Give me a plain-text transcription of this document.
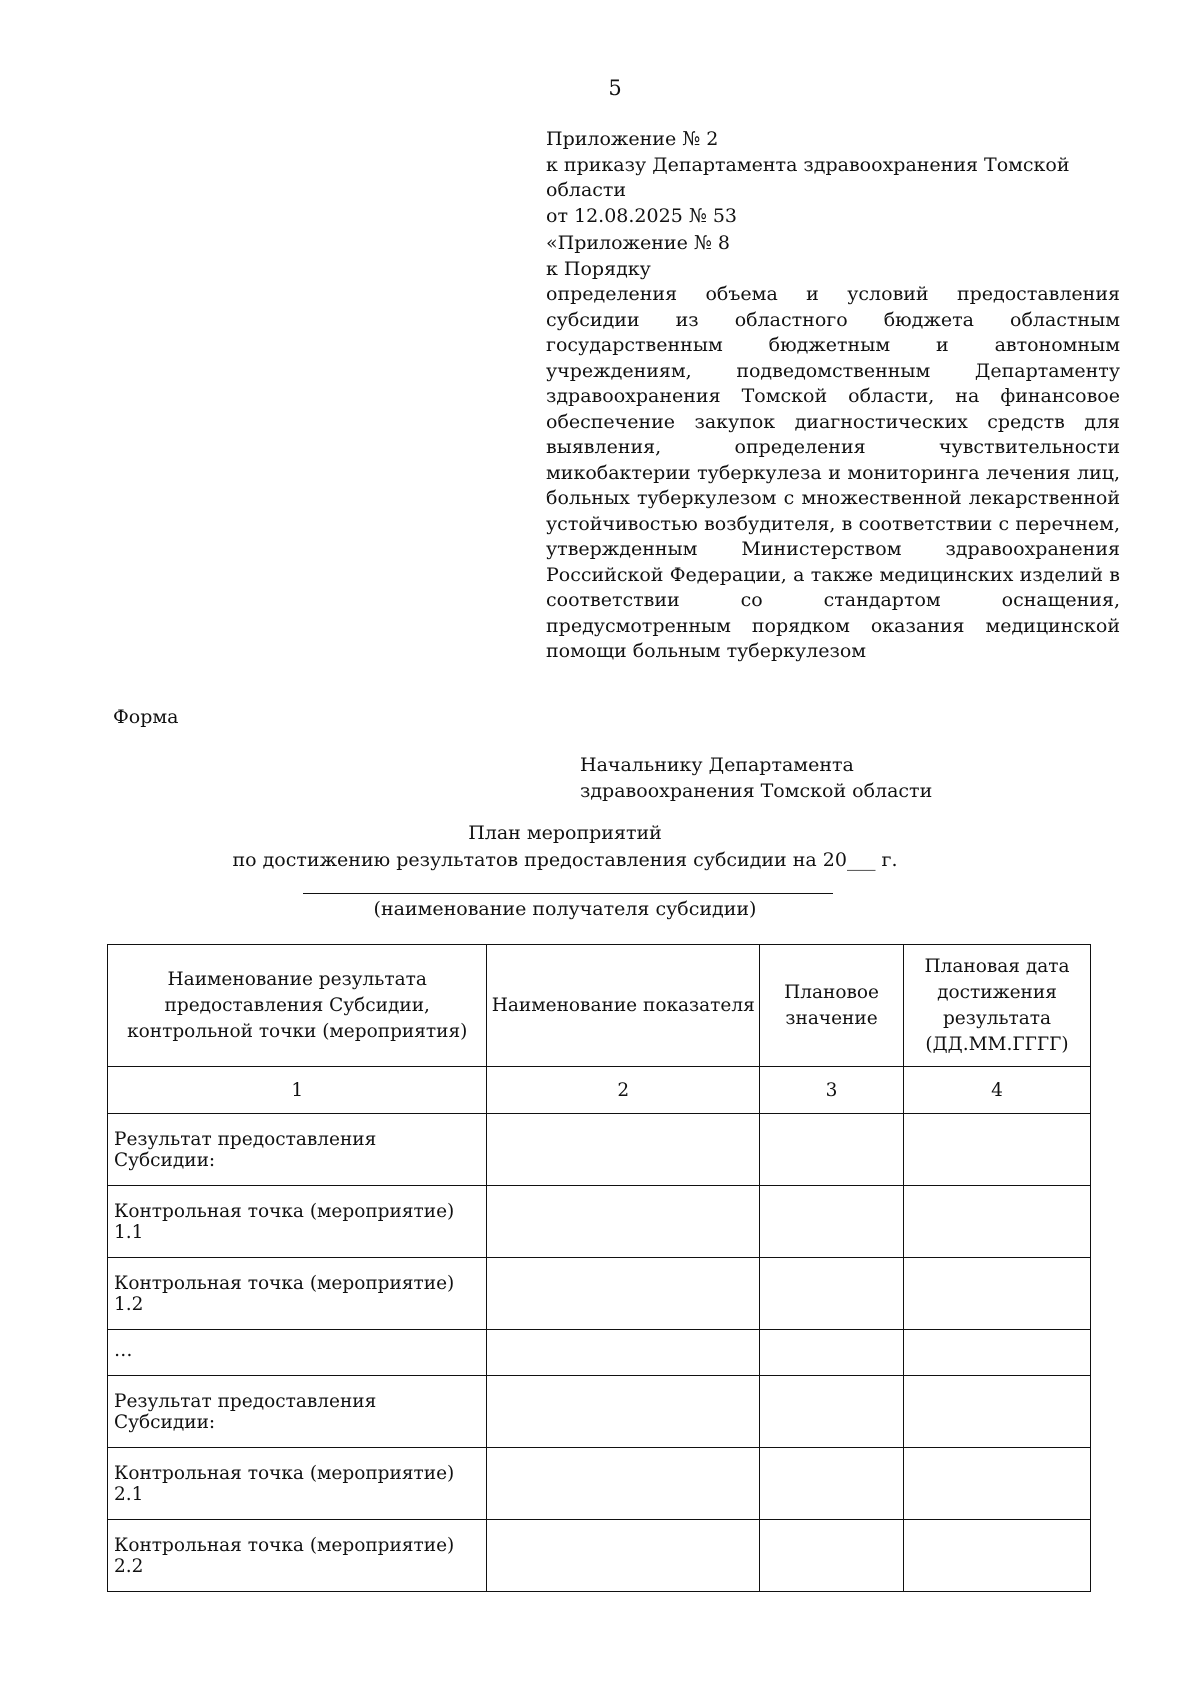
5
Приложение № 2
к приказу Департамента здравоохранения Томской области
от 12.08.2025 № 53
«Приложение № 8
к Порядку
определения объема и условий предоставления субсидии из областного бюджета областным государственным бюджетным и автономным учреждениям, подведомственным Департаменту здравоохранения Томской области, на финансовое обеспечение закупок диагностических средств для выявления, определения чувствительности микобактерии туберкулеза и мониторинга лечения лиц, больных туберкулезом с множественной лекарственной устойчивостью возбудителя, в соответствии с перечнем, утвержденным Министерством здравоохранения Российской Федерации, а также медицинских изделий в соответствии со стандартом оснащения, предусмотренным порядком оказания медицинской помощи больным туберкулезом
Форма
Начальнику Департамента
здравоохранения Томской области
План мероприятий
по достижению результатов предоставления субсидии на 20___ г.
(наименование получателя субсидии)
Наименование результата предоставления Субсидии, контрольной точки (мероприятия)	Наименование показателя	Плановое значение	Плановая дата достижения результата (ДД.ММ.ГГГГ)
1	2	3	4
Результат предоставления Субсидии:			
Контрольная точка (мероприятие) 1.1			
Контрольная точка (мероприятие) 1.2			
…			
Результат предоставления Субсидии:			
Контрольная точка (мероприятие) 2.1			
Контрольная точка (мероприятие) 2.2			
